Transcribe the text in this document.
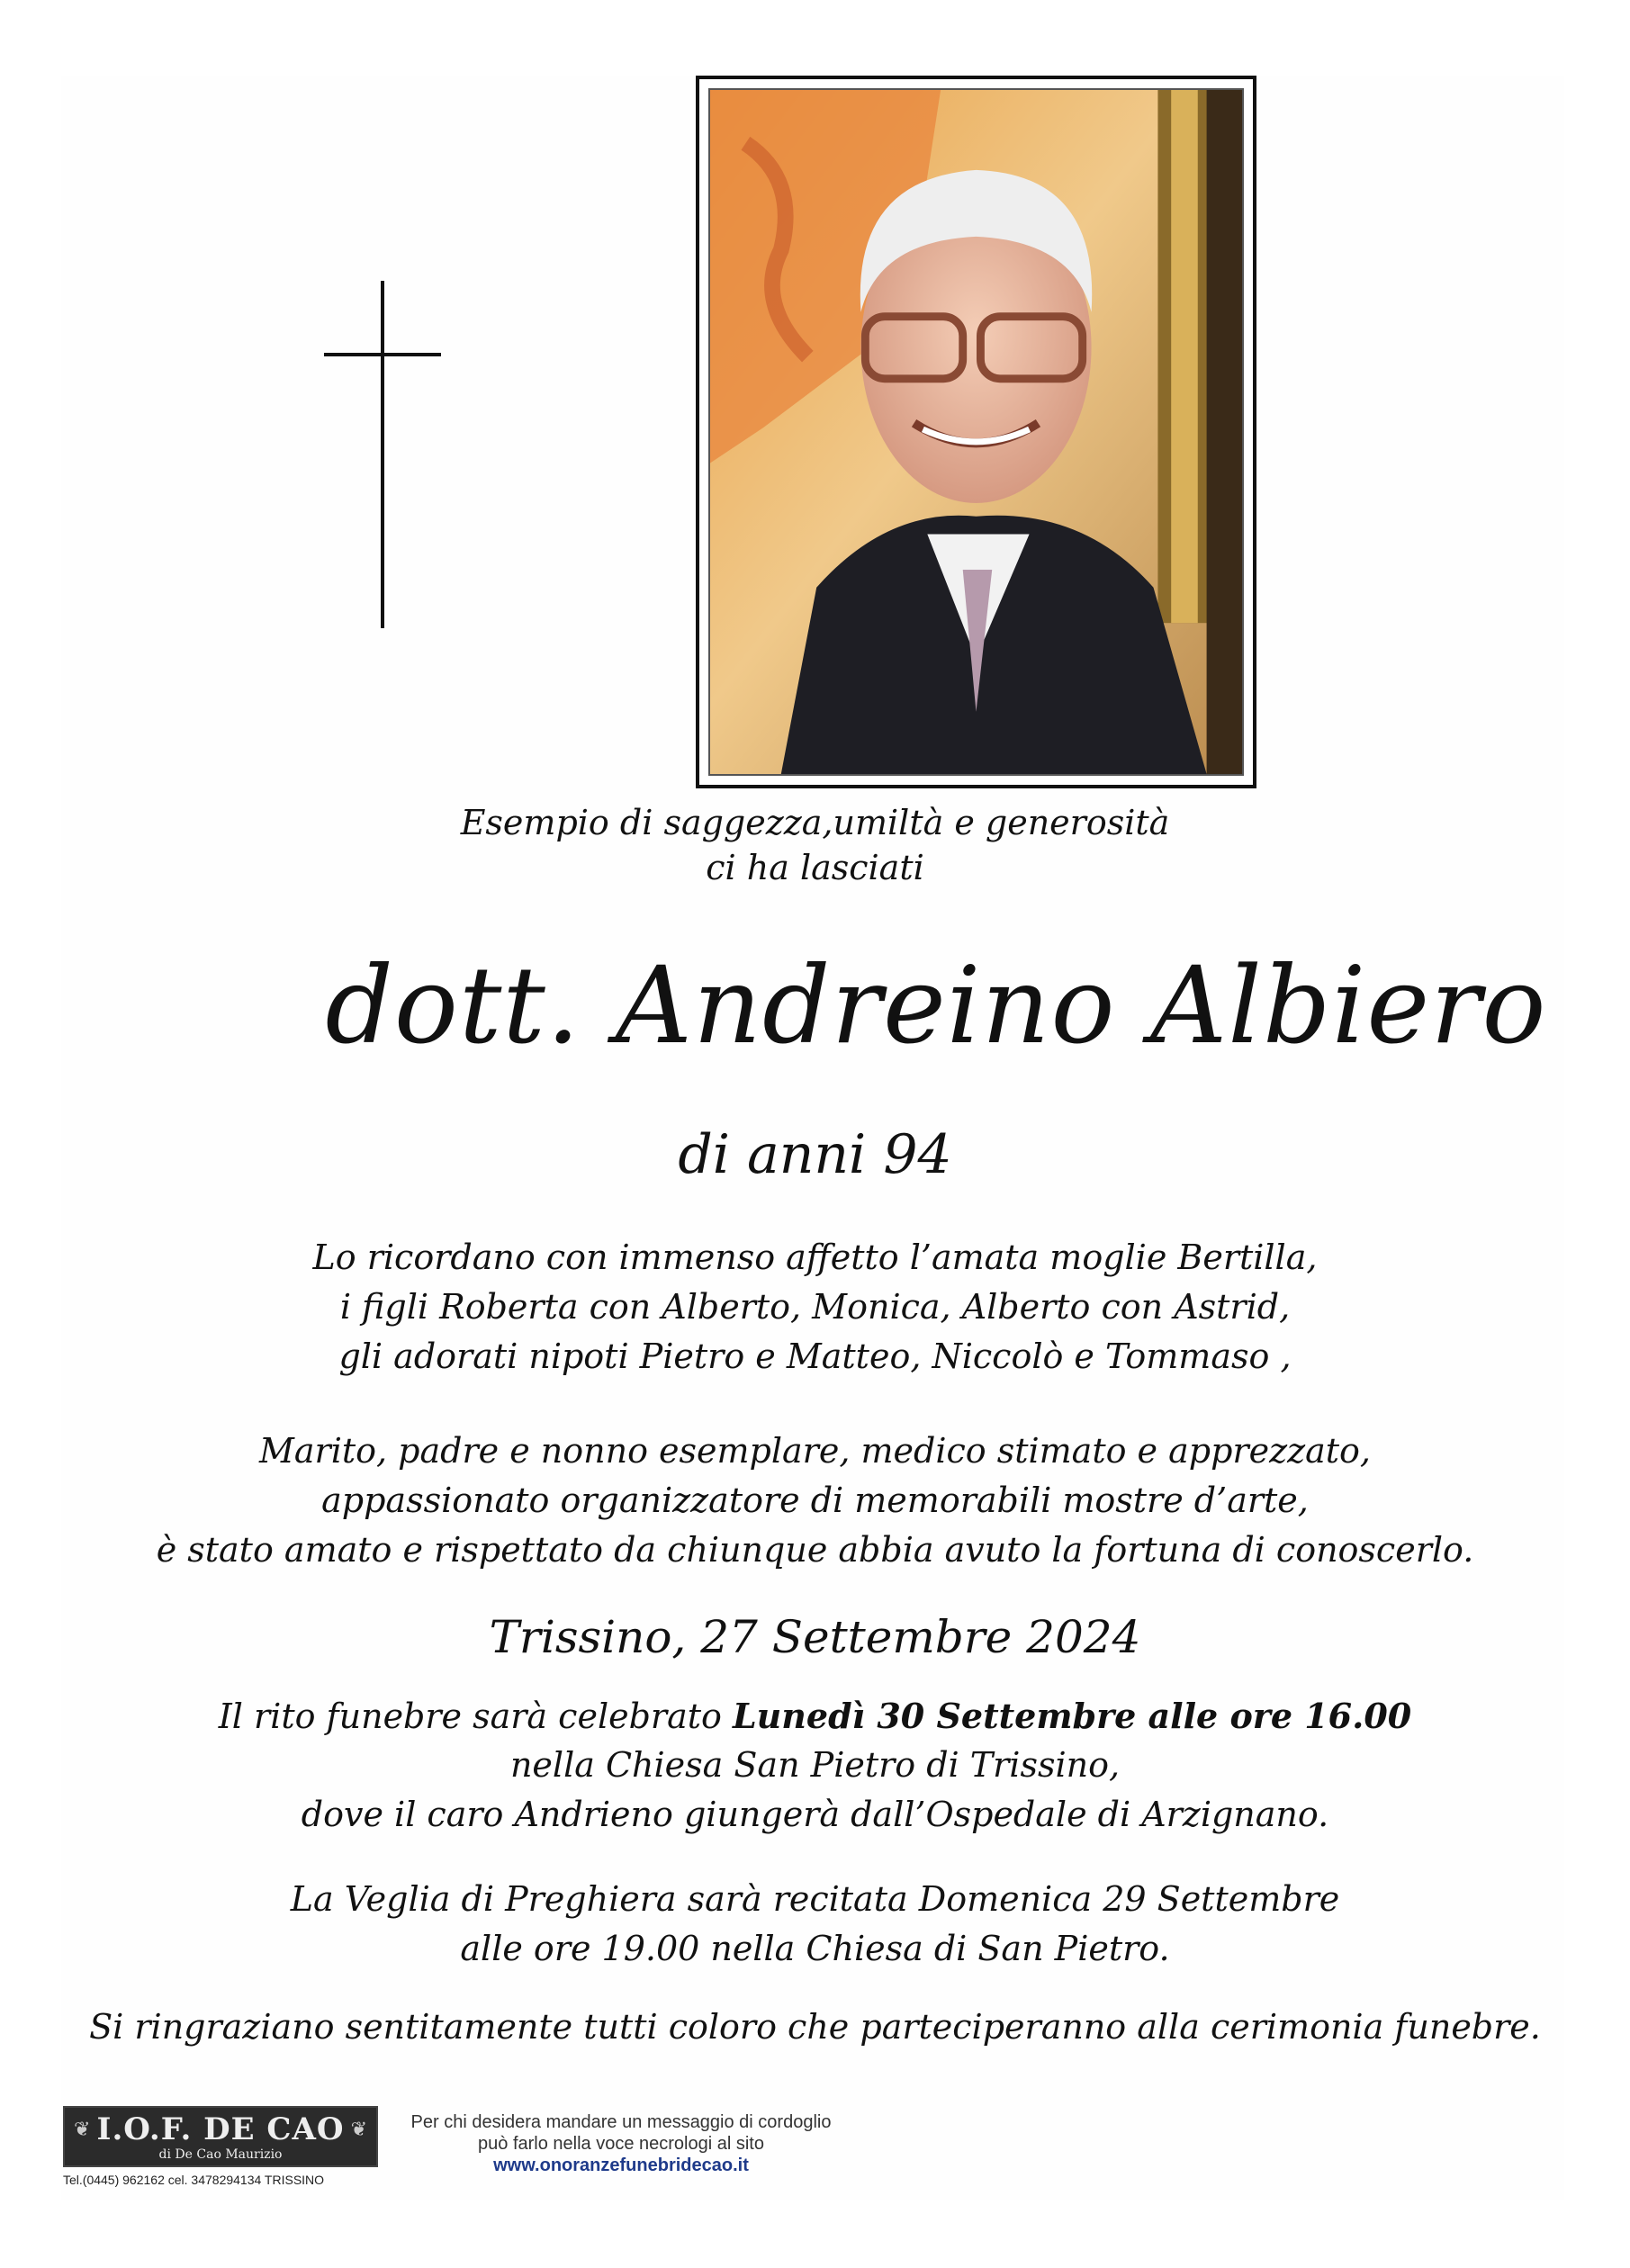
Esempio di saggezza,umiltà e generosità
ci ha lasciati
dott. Andreino Albiero
di anni 94
Lo ricordano con immenso affetto l’amata moglie Bertilla,
i figli Roberta con Alberto, Monica, Alberto con Astrid,
gli adorati nipoti Pietro e Matteo, Niccolò e Tommaso ,
Marito, padre e nonno esemplare, medico stimato e apprezzato,
appassionato organizzatore di memorabili mostre d’arte,
è stato amato e rispettato da chiunque abbia avuto la fortuna di conoscerlo.
Trissino, 27 Settembre 2024
Il rito funebre sarà celebrato Lunedì 30 Settembre alle ore 16.00
nella Chiesa San Pietro di Trissino,
dove il caro Andrieno giungerà dall’Ospedale di Arzignano.
La Veglia di Preghiera sarà recitata Domenica 29 Settembre
alle ore 19.00 nella Chiesa di San Pietro.
Si ringraziano sentitamente tutti coloro che parteciperanno alla cerimonia funebre.
❦ I.O.F. DE CAO
di De Cao Maurizio
❦
Tel.(0445) 962162 cel. 3478294134 TRISSINO
Per chi desidera mandare un messaggio di cordoglio
può farlo nella voce necrologi al sito
www.onoranzefunebridecao.it
